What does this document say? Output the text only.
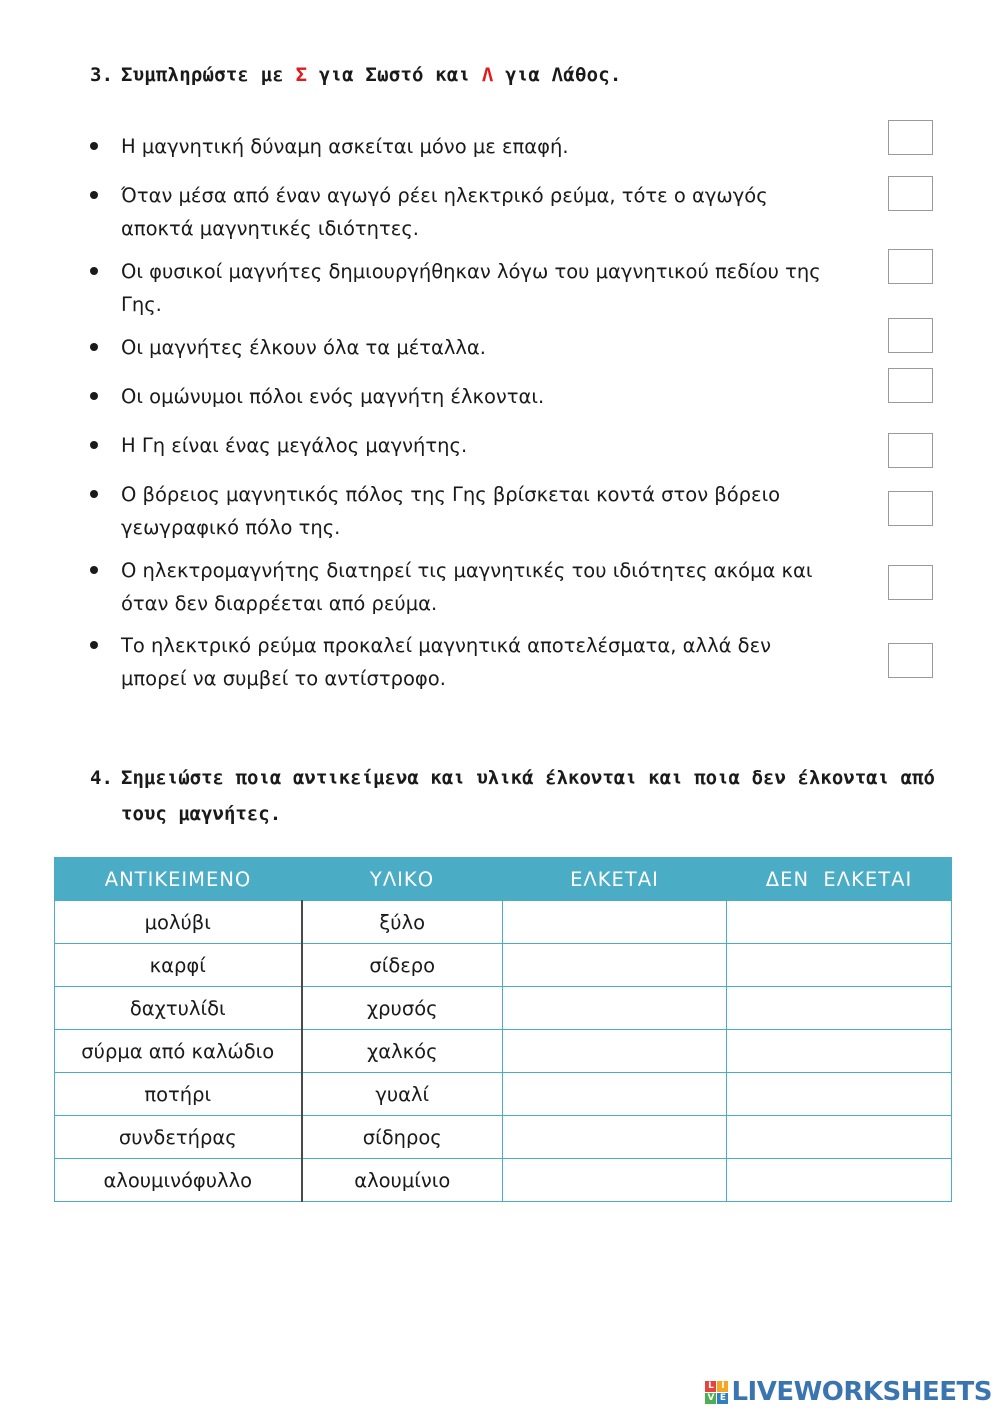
3. Συμπληρώστε με Σ για Σωστό και Λ για Λάθος.
Η μαγνητική δύναμη ασκείται μόνο με επαφή.
Όταν μέσα από έναν αγωγό ρέει ηλεκτρικό ρεύμα, τότε ο αγωγός αποκτά μαγνητικές ιδιότητες.
Οι φυσικοί μαγνήτες δημιουργήθηκαν λόγω του μαγνητικού πεδίου της Γης.
Οι μαγνήτες έλκουν όλα τα μέταλλα.
Οι ομώνυμοι πόλοι ενός μαγνήτη έλκονται.
Η Γη είναι ένας μεγάλος μαγνήτης.
Ο βόρειος μαγνητικός πόλος της Γης βρίσκεται κοντά στον βόρειο γεωγραφικό πόλο της.
Ο ηλεκτρομαγνήτης διατηρεί τις μαγνητικές του ιδιότητες ακόμα και όταν δεν διαρρέεται από ρεύμα.
Το ηλεκτρικό ρεύμα προκαλεί μαγνητικά αποτελέσματα, αλλά δεν μπορεί να συμβεί το αντίστροφο.
4. Σημειώστε ποια αντικείμενα και υλικά έλκονται και ποια δεν έλκονται από τους μαγνήτες.
ΑΝΤΙΚΕΙΜΕΝΟ	ΥΛΙΚΟ	ΕΛΚΕΤΑΙ	ΔΕΝ  ΕΛΚΕΤΑΙ
μολύβι	ξύλο		
καρφί	σίδερο		
δαχτυλίδι	χρυσός		
σύρμα από καλώδιο	χαλκός		
ποτήρι	γυαλί		
συνδετήρας	σίδηρος		
αλουμινόφυλλο	αλουμίνιο		
L I
V E LIVEWORKSHEETS
